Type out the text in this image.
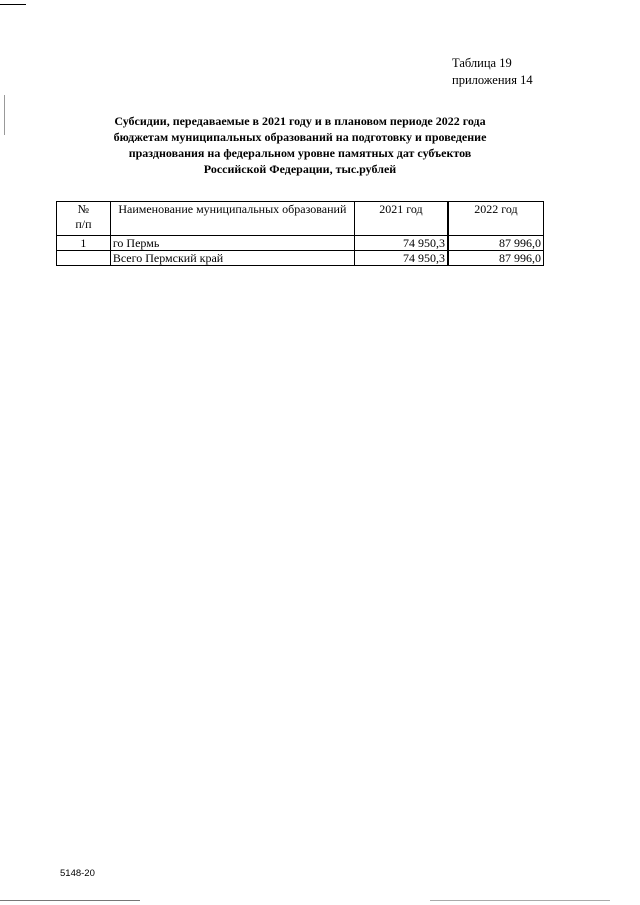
Таблица 19
приложения 14
Субсидии, передаваемые в 2021 году и в плановом периоде 2022 года
бюджетам муниципальных образований на подготовку и проведение
празднования на федеральном уровне памятных дат субъектов
Российской Федерации, тыс.рублей
№
п/п	Наименование муниципальных образований	2021 год	2022 год
1	го Пермь	74 950,3	87 996,0
	Всего Пермский край	74 950,3	87 996,0
5148-20
